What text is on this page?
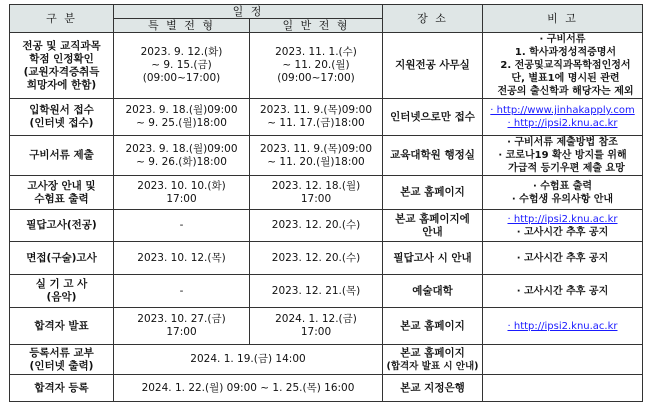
구 분	일 정		장 소	비 고
	특 별 전 형	일 반 전 형		

전공 및 교직과목
학점 인정확인
(교원자격증취득
희망자에 한함)	2023. 9. 12.(화)
~ 9. 15.(금)
(09:00~17:00)	2023. 11. 1.(수)
~ 11. 20.(월)
(09:00~17:00)	지원전공 사무실	· 구비서류
1. 학사과정성적증명서
2. 전공및교직과목학점인정서
단, 별표1에 명시된 관련
전공의 출신학과 해당자는 제외

입학원서 접수
(인터넷 접수)	2023. 9. 18.(월)09:00
~ 9. 25.(월)18:00	2023. 11. 9.(목)09:00
~ 11. 17.(금)18:00	인터넷으로만 접수	· http://www.jinhakapply.com
· http://ipsi2.knu.ac.kr

구비서류 제출	2023. 9. 18.(월)09:00
~ 9. 26.(화)18:00	2023. 11. 9.(목)09:00
~ 11. 20.(월)18:00	교육대학원 행정실	· 구비서류 제출방법 참조
· 코로나19 확산 방지를 위해
가급적 등기우편 제출 요망

고사장 안내 및
수험표 출력	2023. 10. 10.(화)
17:00	2023. 12. 18.(월)
17:00	본교 홈페이지	· 수험표 출력
· 수험생 유의사항 안내

필답고사(전공)	-	2023. 12. 20.(수)	본교 홈페이지에
안내	· http://ipsi2.knu.ac.kr
· 고사시간 추후 공지

면접(구술)고사	2023. 10. 12.(목)	2023. 12. 20.(수)	필답고사 시 안내	· 고사시간 추후 공지

실 기 고 사
(음악)	-	2023. 12. 21.(목)	예술대학	· 고사시간 추후 공지

합격자 발표	2023. 10. 27.(금)
17:00	2024. 1. 12.(금)
17:00	본교 홈페이지	· http://ipsi2.knu.ac.kr

등록서류 교부
(인터넷 출력)	2024. 1. 19.(금) 14:00		본교 홈페이지
(합격자 발표 시 안내)	

합격자 등록	2024. 1. 22.(월) 09:00 ~ 1. 25.(목) 16:00		본교 지정은행	
